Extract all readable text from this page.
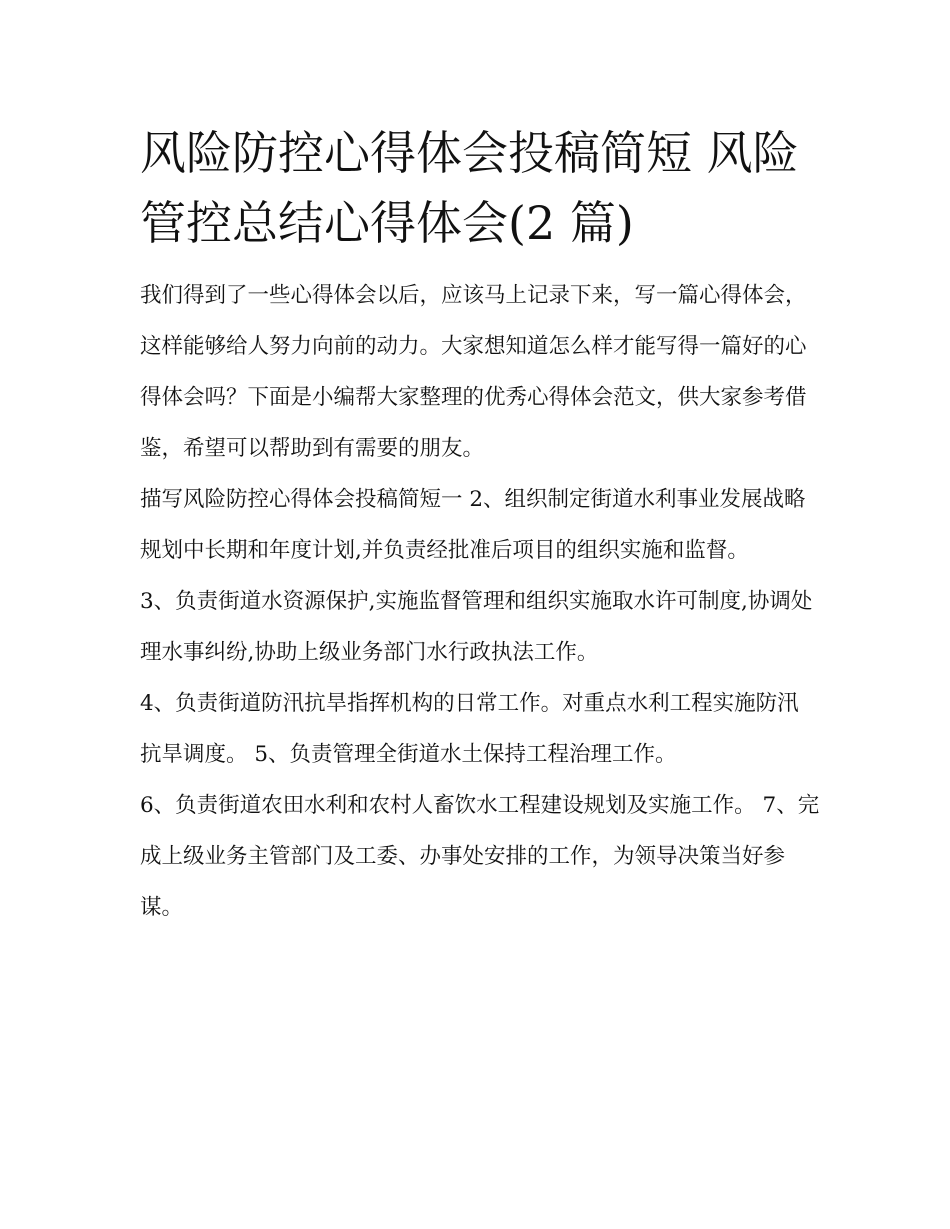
风险防控心得体会投稿简短 风险管控总结心得体会(2 篇)

我们得到了一些心得体会以后，应该马上记录下来，写一篇心得体会，这样能够给人努力向前的动力。大家想知道怎么样才能写得一篇好的心得体会吗？下面是小编帮大家整理的优秀心得体会范文，供大家参考借鉴，希望可以帮助到有需要的朋友。

描写风险防控心得体会投稿简短一 2、组织制定街道水利事业发展战略规划中长期和年度计划,并负责经批准后项目的组织实施和监督。

3、负责街道水资源保护,实施监督管理和组织实施取水许可制度,协调处理水事纠纷,协助上级业务部门水行政执法工作。

4、负责街道防汛抗旱指挥机构的日常工作。对重点水利工程实施防汛抗旱调度。 5、负责管理全街道水土保持工程治理工作。

6、负责街道农田水利和农村人畜饮水工程建设规划及实施工作。 7、完成上级业务主管部门及工委、办事处安排的工作，为领导决策当好参谋。
